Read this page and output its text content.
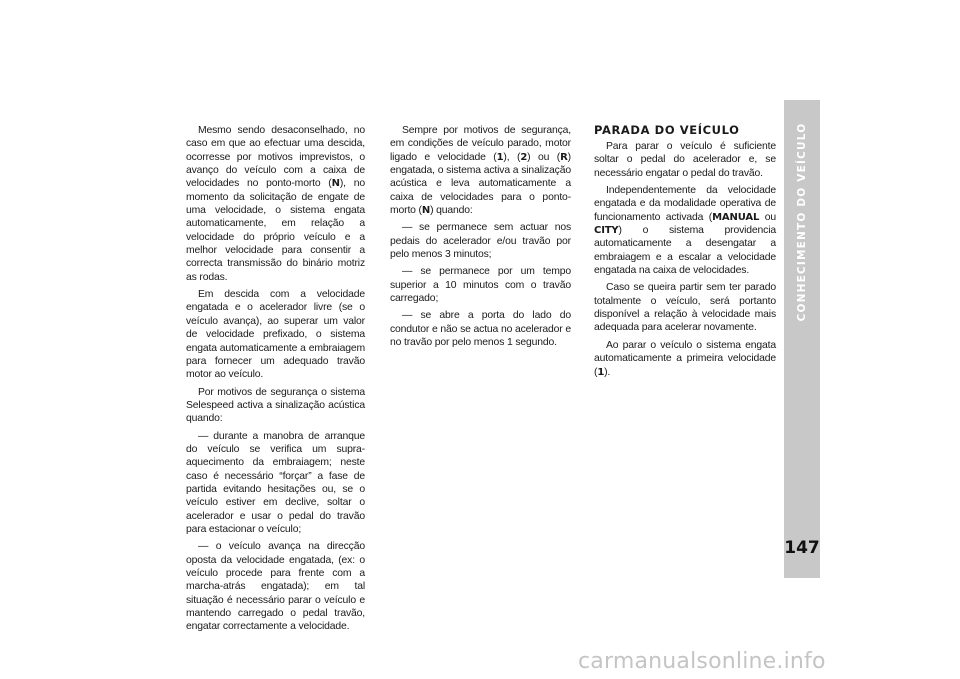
Mesmo sendo desaconselhado, no caso em que ao efectuar uma descida, ocorresse por motivos imprevistos, o avanço do veículo com a caixa de velocidades no ponto-morto (N), no momento da solicitação de engate de uma velocidade, o sistema engata automaticamente, em relação a velocidade do próprio veículo e a melhor velocidade para consentir a correcta transmissão do binário motriz as rodas.

Em descida com a velocidade engatada e o acelerador livre (se o veículo avança), ao superar um valor de velocidade prefixado, o sistema engata automaticamente a embraiagem para fornecer um adequado travão motor ao veículo.

Por motivos de segurança o sistema Selespeed activa a sinalização acústica quando:

— durante a manobra de arranque do veículo se verifica um supra-aquecimento da embraiagem; neste caso é necessário “forçar” a fase de partida evitando hesitações ou, se o veículo estiver em declive, soltar o acelerador e usar o pedal do travão para estacionar o veículo;

— o veículo avança na direcção oposta da velocidade engatada, (ex: o veículo procede para frente com a marcha-atrás engatada); em tal situação é necessário parar o veículo e mantendo carregado o pedal travão, engatar correctamente a velocidade.

Sempre por motivos de segurança, em condições de veículo parado, motor ligado e velocidade (1), (2) ou (R) engatada, o sistema activa a sinalização acústica e leva automaticamente a caixa de velocidades para o ponto-morto (N) quando:

— se permanece sem actuar nos pedais do acelerador e/ou travão por pelo menos 3 minutos;

— se permanece por um tempo superior a 10 minutos com o travão carregado;

— se abre a porta do lado do condutor e não se actua no acelerador e no travão por pelo menos 1 segundo.

PARADA DO VEÍCULO

Para parar o veículo é suficiente soltar o pedal do acelerador e, se necessário engatar o pedal do travão.

Independentemente da velocidade engatada e da modalidade operativa de funcionamento activada (MANUAL ou CITY) o sistema providencia automaticamente a desengatar a embraiagem e a escalar a velocidade engatada na caixa de velocidades.

Caso se queira partir sem ter parado totalmente o veículo, será portanto disponível a relação à velocidade mais adequada para acelerar novamente.

Ao parar o veículo o sistema engata automaticamente a primeira velocidade (1).

CONHECIMENTO DO VEÍCULO
147
carmanualsonline.info
